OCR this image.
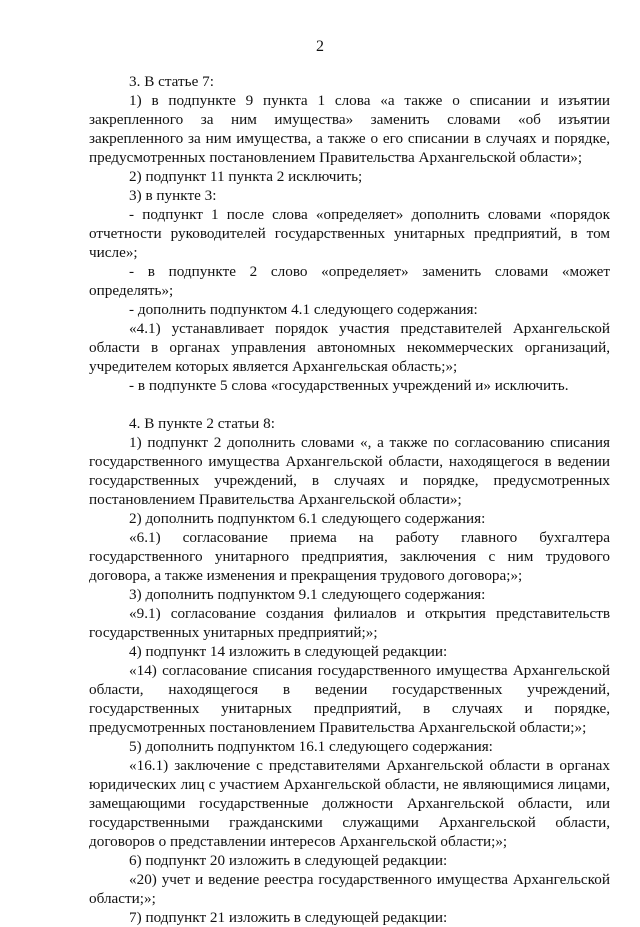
2

3. В статье 7:

1) в подпункте 9 пункта 1 слова «а также о списании и изъятии закрепленного за ним имущества» заменить словами «об изъятии закрепленного за ним имущества, а также о его списании в случаях и порядке, предусмотренных постановлением Правительства Архангельской области»;

2) подпункт 11 пункта 2 исключить;

3) в пункте 3:

- подпункт 1 после слова «определяет» дополнить словами «порядок отчетности руководителей государственных унитарных предприятий, в том числе»;

- в подпункте 2 слово «определяет» заменить словами «может определять»;

- дополнить подпунктом 4.1 следующего содержания:

«4.1) устанавливает порядок участия представителей Архангельской области в органах управления автономных некоммерческих организаций, учредителем которых является Архангельская область;»;

- в подпункте 5 слова «государственных учреждений и» исключить.

4. В пункте 2 статьи 8:

1) подпункт 2 дополнить словами «, а также по согласованию списания государственного имущества Архангельской области, находящегося в ведении государственных учреждений, в случаях и порядке, предусмотренных постановлением Правительства Архангельской области»;

2) дополнить подпунктом 6.1 следующего содержания:

«6.1) согласование приема на работу главного бухгалтера государственного унитарного предприятия, заключения с ним трудового договора, а также изменения и прекращения трудового договора;»;

3) дополнить подпунктом 9.1 следующего содержания:

«9.1) согласование создания филиалов и открытия представительств государственных унитарных предприятий;»;

4) подпункт 14 изложить в следующей редакции:

«14) согласование списания государственного имущества Архангельской области, находящегося в ведении государственных учреждений, государственных унитарных предприятий, в случаях и порядке, предусмотренных постановлением Правительства Архангельской области;»;

5) дополнить подпунктом 16.1 следующего содержания:

«16.1) заключение с представителями Архангельской области в органах юридических лиц с участием Архангельской области, не являющимися лицами, замещающими государственные должности Архангельской области, или государственными гражданскими служащими Архангельской области, договоров о представлении интересов Архангельской области;»;

6) подпункт 20 изложить в следующей редакции:

«20) учет и ведение реестра государственного имущества Архангельской области;»;

7) подпункт 21 изложить в следующей редакции:
